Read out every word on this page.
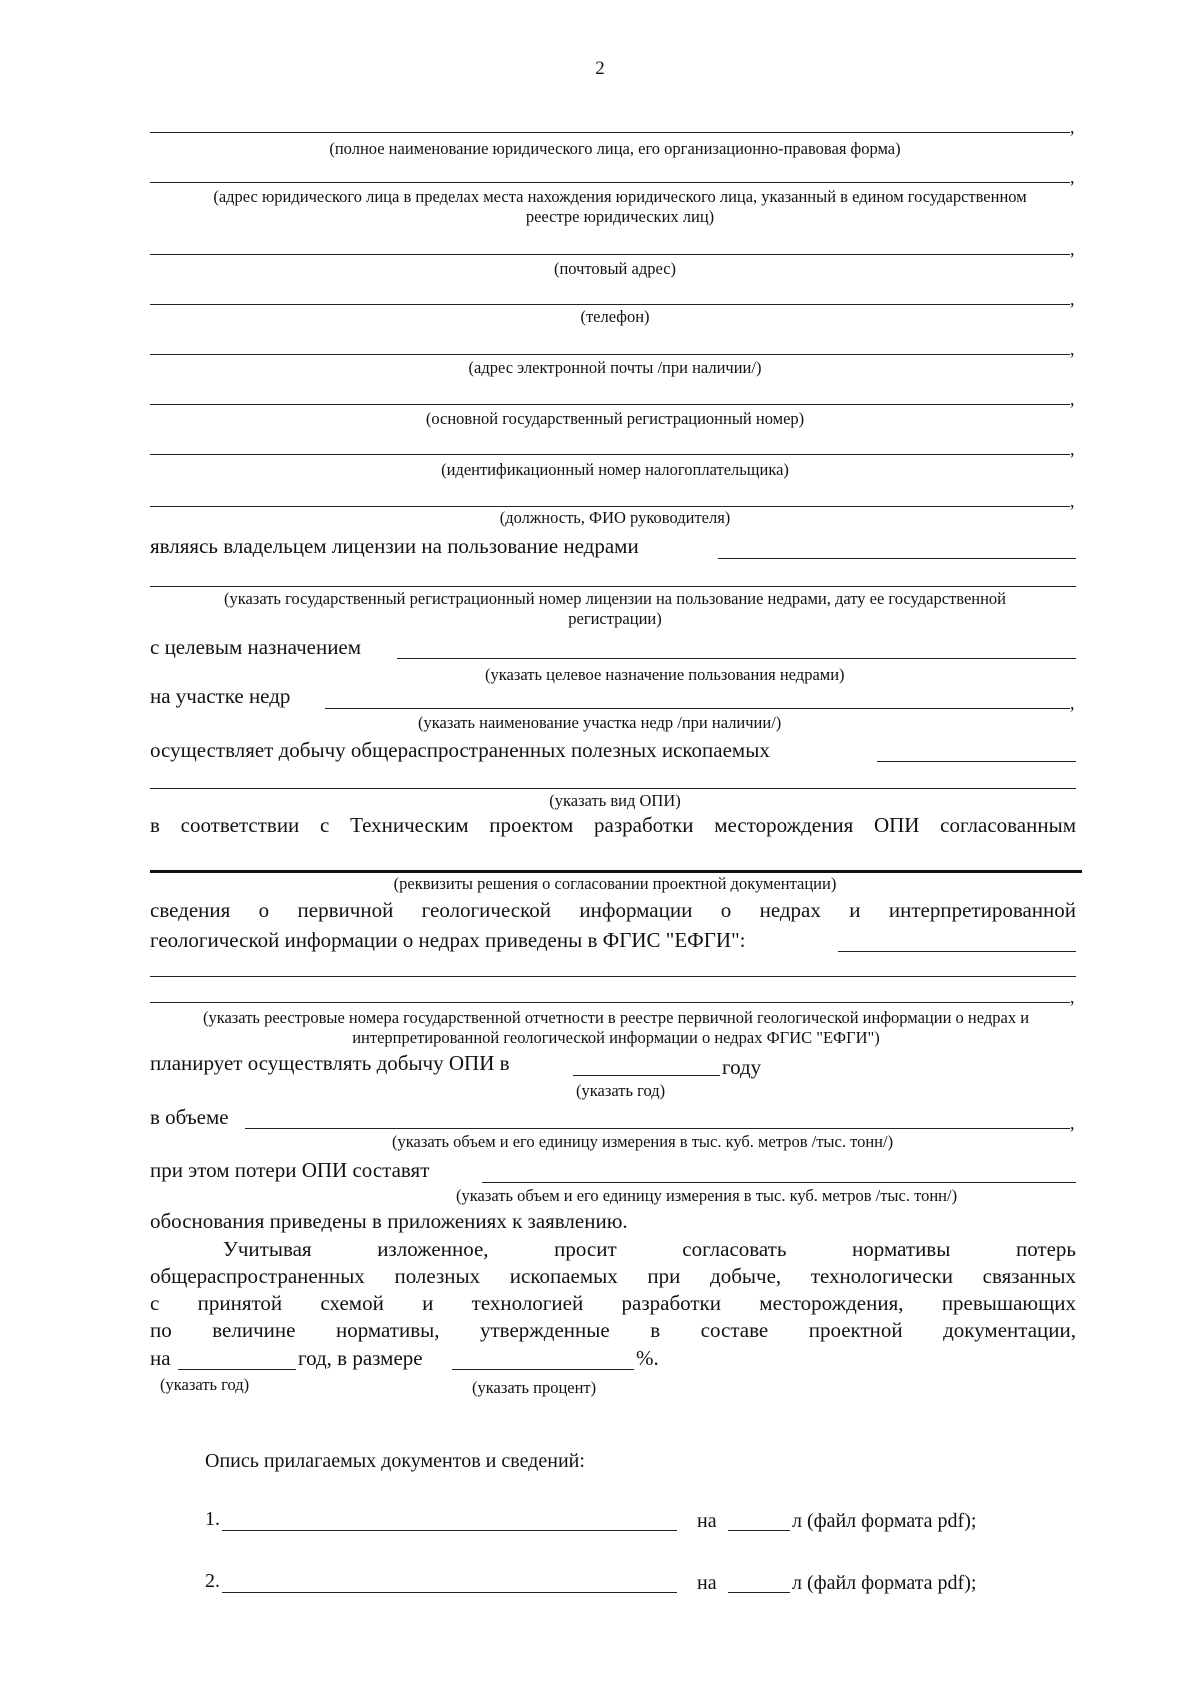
2
,
(полное наименование юридического лица, его организационно-правовая форма)
,
(адрес юридического лица в пределах места нахождения юридического лица, указанный в едином государственном реестре юридических лиц)
,
(почтовый адрес)
,
(телефон)
,
(адрес электронной почты /при наличии/)
,
(основной государственный регистрационный номер)
,
(идентификационный номер налогоплательщика)
,
(должность, ФИО руководителя)
являясь владельцем лицензии на пользование недрами
(указать государственный регистрационный номер лицензии на пользование недрами, дату ее государственной регистрации)
с целевым назначением
(указать целевое назначение пользования недрами)
на участке недр	,
(указать наименование участка недр /при наличии/)
осуществляет добычу общераспространенных полезных ископаемых
(указать вид ОПИ)
в соответствии с Техническим проектом разработки месторождения ОПИ согласованным
(реквизиты решения о согласовании проектной документации)
сведения о первичной геологической информации о недрах и интерпретированной
геологической информации о недрах приведены в ФГИС "ЕФГИ":
,
(указать реестровые номера государственной отчетности в реестре первичной геологической информации о недрах и интерпретированной геологической информации о недрах ФГИС "ЕФГИ")
планирует осуществлять добычу ОПИ в	году
(указать год)
в объеме	,
(указать объем и его единицу измерения в тыс. куб. метров /тыс. тонн/)
при этом потери ОПИ составят
(указать объем и его единицу измерения в тыс. куб. метров /тыс. тонн/)
обоснования приведены в приложениях к заявлению.
Учитывая изложенное, просит согласовать нормативы потерь
общераспространенных полезных ископаемых при добыче, технологически связанных
с принятой схемой и технологией разработки месторождения, превышающих
по величине нормативы, утвержденные в составе проектной документации,
на	год, в размере	%.
(указать год)	(указать процент)
Опись прилагаемых документов и сведений:
1.	на	л (файл формата pdf);
2.	на	л (файл формата pdf);
